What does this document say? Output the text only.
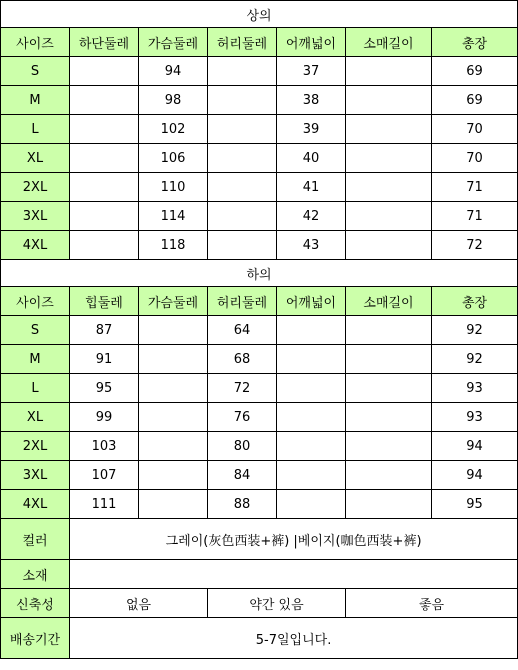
상의						
사이즈	하단둘레	가슴둘레	허리둘레	어깨넓이	소매길이	총장
S		94		37		69
M		98		38		69
L		102		39		70
XL		106		40		70
2XL		110		41		71
3XL		114		42		71
4XL		118		43		72
하의						
사이즈	힙둘레	가슴둘레	허리둘레	어깨넓이	소매길이	총장
S	87		64			92
M	91		68			92
L	95		72			93
XL	99		76			93
2XL	103		80			94
3XL	107		84			94
4XL	111		88			95
컬러	그레이(灰色西装+裤) |베이지(咖色西装+裤)					
소재						
신축성	없음		약간 있음		좋음	
배송기간	5-7일입니다.					
